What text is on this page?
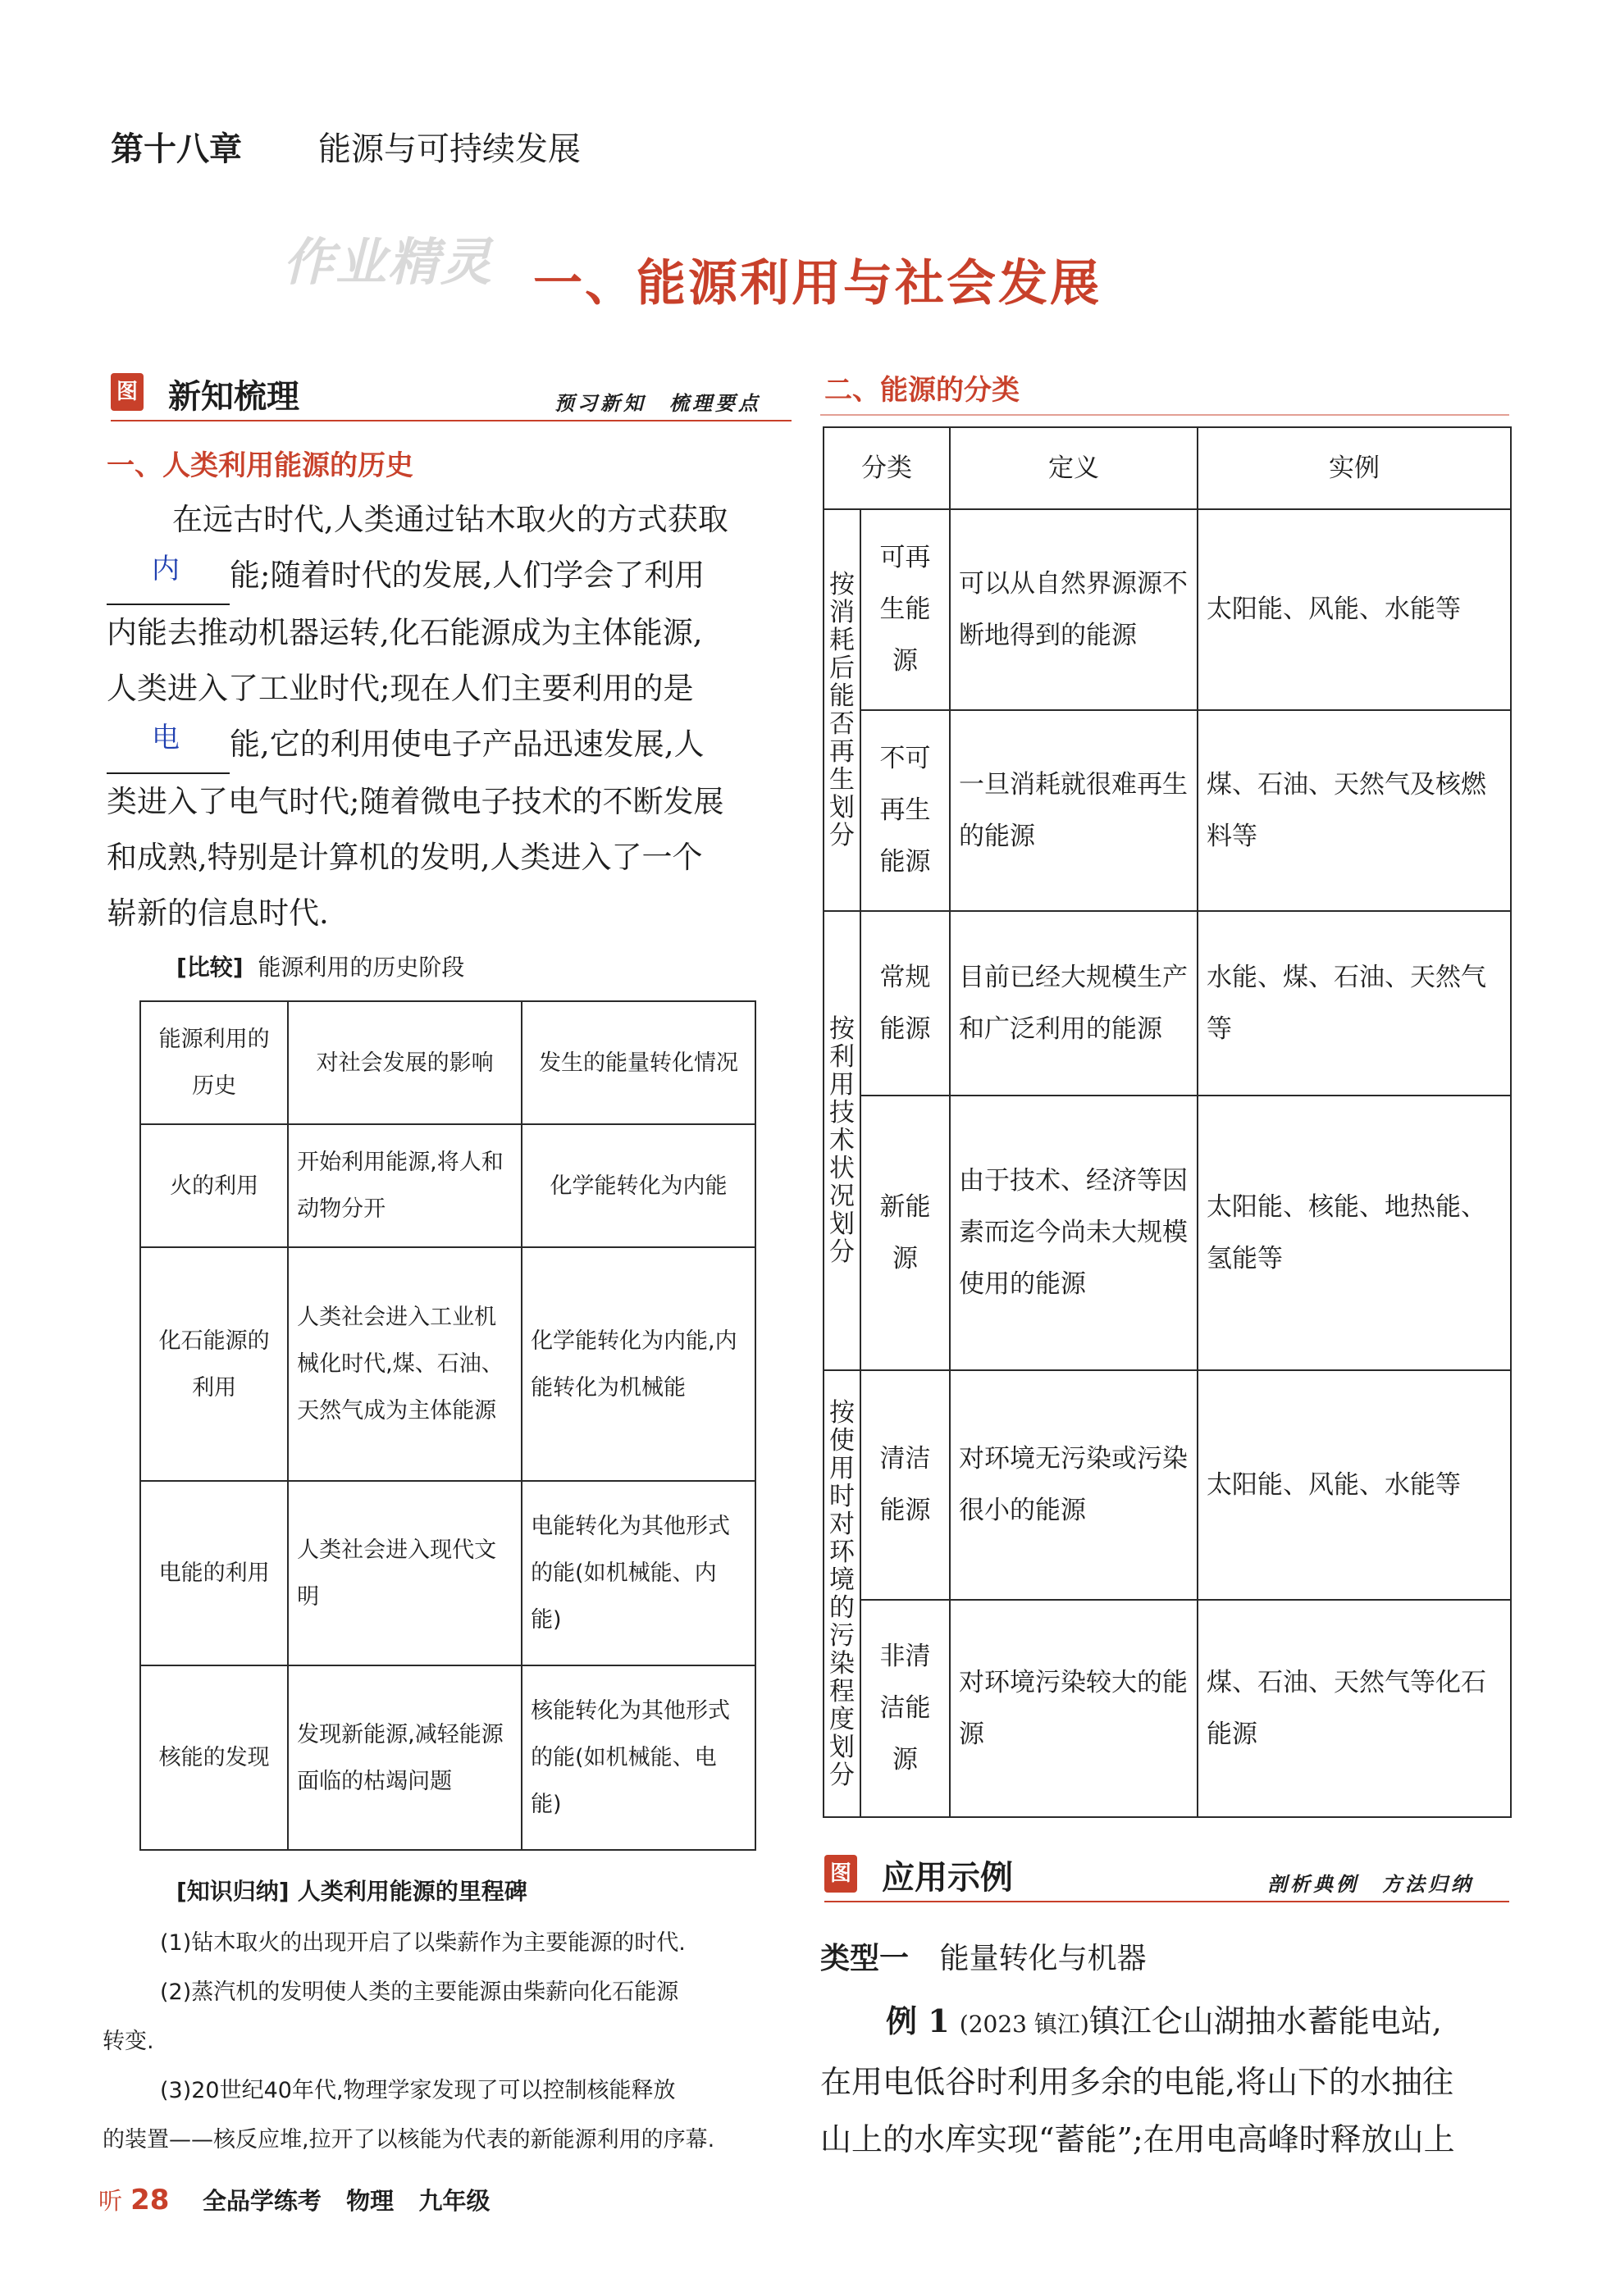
第十八章 能源与可持续发展
作业精灵 一、能源利用与社会发展
图 新知梳理	预习新知　梳理要点
一、人类利用能源的历史

在远古时代,人类通过钻木取火的方式获取

内 能;随着时代的发展,人们学会了利用

内能去推动机器运转,化石能源成为主体能源,

人类进入了工业时代;现在人们主要利用的是

电 能,它的利用使电子产品迅速发展,人

类进入了电气时代;随着微电子技术的不断发展

和成熟,特别是计算机的发明,人类进入了一个

崭新的信息时代.

[比较] 能源利用的历史阶段
能源利用的历史	对社会发展的影响	发生的能量转化情况
火的利用	开始利用能源,将人和动物分开	化学能转化为内能
化石能源的利用	人类社会进入工业机械化时代,煤、石油、天然气成为主体能源	化学能转化为内能,内能转化为机械能
电能的利用	人类社会进入现代文明	电能转化为其他形式的能(如机械能、内能)
核能的发现	发现新能源,减轻能源面临的枯竭问题	核能转化为其他形式的能(如机械能、电能)
[知识归纳] 人类利用能源的里程碑
(1)钻木取火的出现开启了以柴薪作为主要能源的时代.
(2)蒸汽机的发明使人类的主要能源由柴薪向化石能源
转变.
(3)20世纪40年代,物理学家发现了可以控制核能释放
的装置——核反应堆,拉开了以核能为代表的新能源利用的序幕.
二、能源的分类
分类		定义	实例
按消耗后能否再生划分	可再生能源	可以从自然界源源不断地得到的能源	太阳能、风能、水能等
	不可再生能源	一旦消耗就很难再生的能源	煤、石油、天然气及核燃料等
按利用技术状况划分	常规能源	目前已经大规模生产和广泛利用的能源	水能、煤、石油、天然气等
	新能源	由于技术、经济等因素而迄今尚未大规模使用的能源	太阳能、核能、地热能、氢能等
按使用时对环境的污染程度划分	清洁能源	对环境无污染或污染很小的能源	太阳能、风能、水能等
	非清洁能源	对环境污染较大的能源	煤、石油、天然气等化石能源
图 应用示例	剖析典例　方法归纳
类型一 能量转化与机器
例 1 (2023 镇江)镇江仑山湖抽水蓄能电站,
在用电低谷时利用多余的电能,将山下的水抽往
山上的水库实现“蓄能”;在用电高峰时释放山上
听 28 全品学练考 物理 九年级
